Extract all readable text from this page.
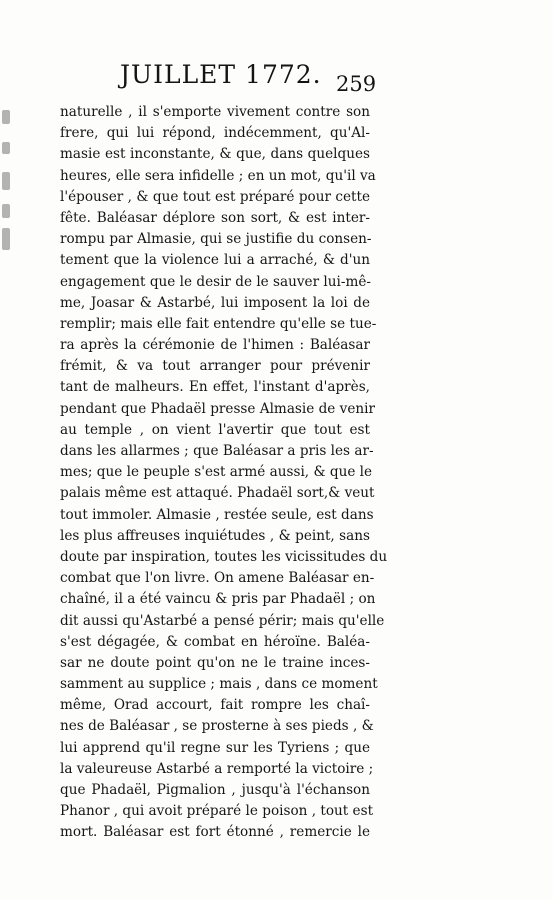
JUILLET 1772. 259
naturelle , il s'emporte vivement contre son
frere, qui lui répond, indécemment, qu'Al-
masie est inconstante, & que, dans quelques
heures, elle sera infidelle ; en un mot, qu'il va
l'épouser , & que tout est préparé pour cette
fête. Baléasar déplore son sort, & est inter-
rompu par Almasie, qui se justifie du consen-
tement que la violence lui a arraché, & d'un
engagement que le desir de le sauver lui-mê-
me, Joasar & Astarbé, lui imposent la loi de
remplir; mais elle fait entendre qu'elle se tue-
ra après la cérémonie de l'himen : Baléasar
frémit, & va tout arranger pour prévenir
tant de malheurs. En effet, l'instant d'après,
pendant que Phadaël presse Almasie de venir
au temple , on vient l'avertir que tout est
dans les allarmes ; que Baléasar a pris les ar-
mes; que le peuple s'est armé aussi, & que le
palais même est attaqué. Phadaël sort,& veut
tout immoler. Almasie , restée seule, est dans
les plus affreuses inquiétudes , & peint, sans
doute par inspiration, toutes les vicissitudes du
combat que l'on livre. On amene Baléasar en-
chaîné, il a été vaincu & pris par Phadaël ; on
dit aussi qu'Astarbé a pensé périr; mais qu'elle
s'est dégagée, & combat en héroïne. Baléa-
sar ne doute point qu'on ne le traine inces-
samment au supplice ; mais , dans ce moment
même, Orad accourt, fait rompre les chaî-
nes de Baléasar , se prosterne à ses pieds , &
lui apprend qu'il regne sur les Tyriens ; que
la valeureuse Astarbé a remporté la victoire ;
que Phadaël, Pigmalion , jusqu'à l'échanson
Phanor , qui avoit préparé le poison , tout est
mort. Baléasar est fort étonné , remercie le
